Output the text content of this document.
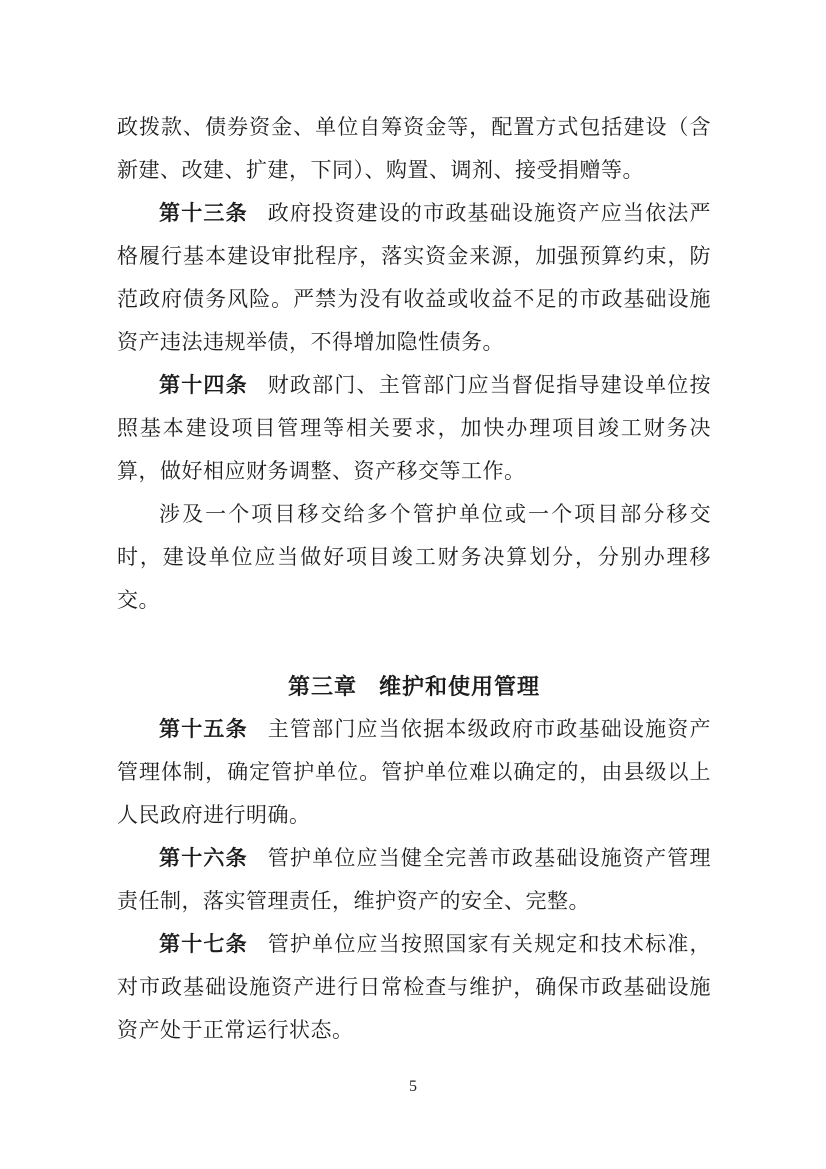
政拨款、债券资金、单位自筹资金等，配置方式包括建设（含新建、改建、扩建，下同）、购置、调剂、接受捐赠等。

第十三条 政府投资建设的市政基础设施资产应当依法严格履行基本建设审批程序，落实资金来源，加强预算约束，防范政府债务风险。严禁为没有收益或收益不足的市政基础设施资产违法违规举债，不得增加隐性债务。

第十四条 财政部门、主管部门应当督促指导建设单位按照基本建设项目管理等相关要求，加快办理项目竣工财务决算，做好相应财务调整、资产移交等工作。

涉及一个项目移交给多个管护单位或一个项目部分移交时，建设单位应当做好项目竣工财务决算划分，分别办理移交。

第三章 维护和使用管理

第十五条 主管部门应当依据本级政府市政基础设施资产管理体制，确定管护单位。管护单位难以确定的，由县级以上人民政府进行明确。

第十六条 管护单位应当健全完善市政基础设施资产管理责任制，落实管理责任，维护资产的安全、完整。

第十七条 管护单位应当按照国家有关规定和技术标准，对市政基础设施资产进行日常检查与维护，确保市政基础设施资产处于正常运行状态。

5
